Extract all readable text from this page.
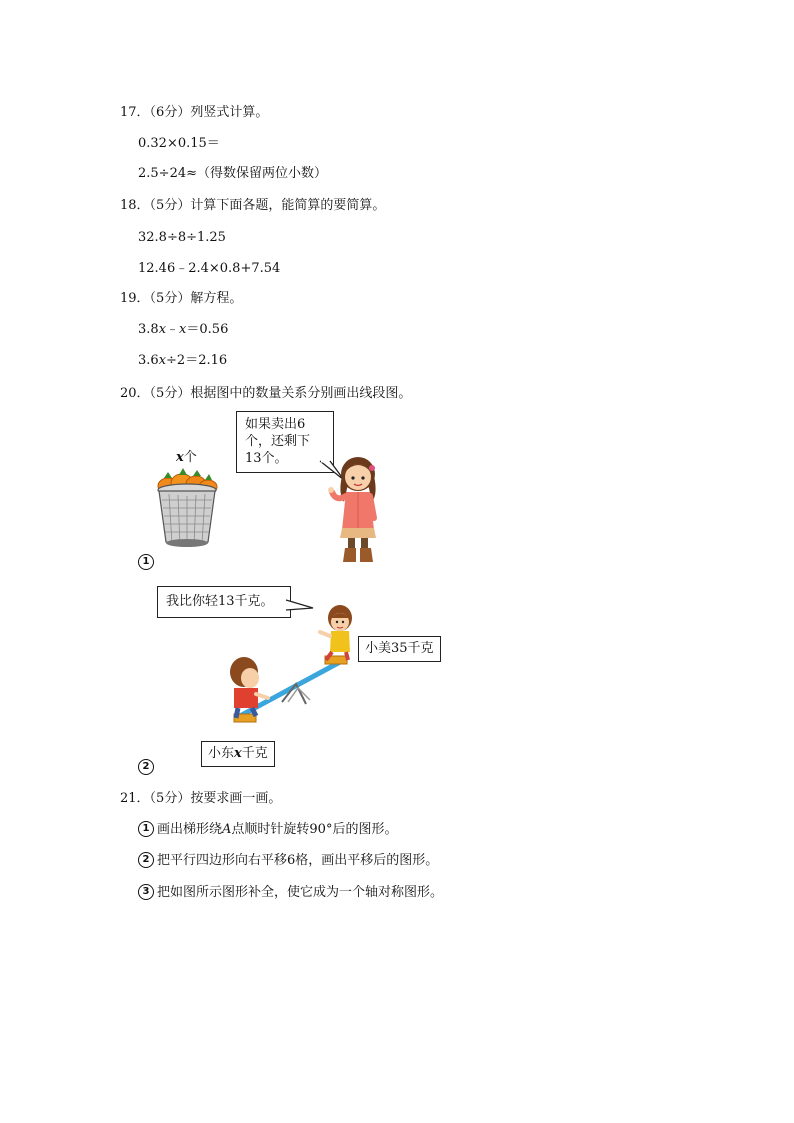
17．（6分）列竖式计算。
0.32×0.15＝
2.5÷24≈（得数保留两位小数）
18．（5分）计算下面各题，能简算的要简算。
32.8÷8÷1.25
12.46﹣2.4×0.8+7.54
19．（5分）解方程。
3.8x﹣x＝0.56
3.6x÷2＝2.16
20．（5分）根据图中的数量关系分别画出线段图。
x个
如果卖出6
个，还剩下
13个。
1
我比你轻13千克。
小美35千克
小东x千克
2
21．（5分）按要求画一画。
1 画出梯形绕A点顺时针旋转90°后的图形。
2 把平行四边形向右平移6格，画出平移后的图形。
3 把如图所示图形补全，使它成为一个轴对称图形。
